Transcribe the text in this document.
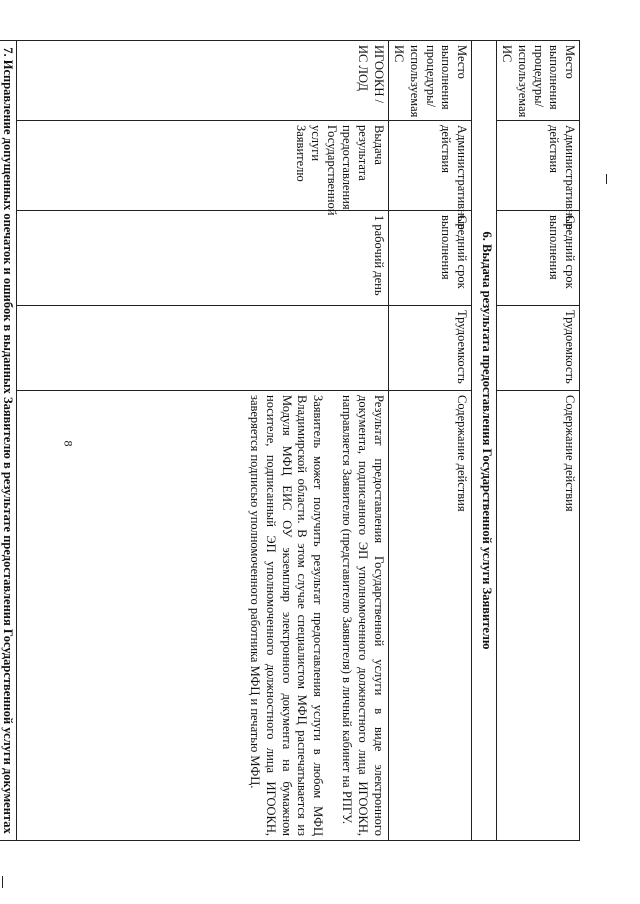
8
Место выполнения процедуры/используемая ИС	Административные действия	Средний срок выполнения	Трудоемкость	Содержание действия
6. Выдача результата предоставления Государственной услуги Заявителю				
Место выполнения процедуры/используемая ИС	Административные действия	Средний срок выполнения	Трудоемкость	Содержание действия
ИГООКН /ИС ЛОД	Выдача результата предоставления Государственной услуги Заявителю	1 рабочий день		Результат предоставления Государственной услуги в виде электронного документа, подписанного ЭП уполномоченного должностного лица ИГООКН, направляется Заявителю (представителю Заявителя) в личный кабинет на РПГУ.
Заявитель может получить результат предоставления услуги в любом МФЦ Владимирской области. В этом случае специалистом МФЦ распечатывается из Модуля МФЦ ЕИС ОУ экземпляр электронного документа на бумажном носителе, подписанный ЭП уполномоченного должностного лица ИГООКН, заверяется подписью уполномоченного работника МФЦ и печатью МФЦ.

7. Исправление допущенных опечаток и ошибок в выданных Заявителю в результате предоставления Государственной услуги документах				
